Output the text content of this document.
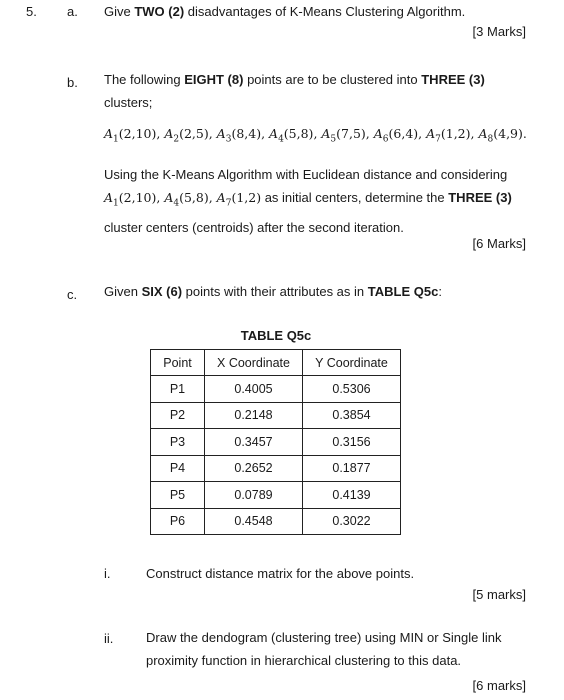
5. a. Give TWO (2) disadvantages of K-Means Clustering Algorithm.
[3 Marks]
b. The following EIGHT (8) points are to be clustered into THREE (3)
clusters;
$A_1(2,10)$, $A_2(2,5)$, $A_3(8,4)$, $A_4(5,8)$, $A_5(7,5)$, $A_6(6,4)$, $A_7(1,2)$, $A_8(4,9)$.
Using the K-Means Algorithm with Euclidean distance and considering
$A_1(2,10)$, $A_4(5,8)$, $A_7(1,2)$ as initial centers, determine the THREE (3)
cluster centers (centroids) after the second iteration.
[6 Marks]
c. Given SIX (6) points with their attributes as in TABLE Q5c:
TABLE Q5c
Point	X Coordinate	Y Coordinate
P1	0.4005	0.5306
P2	0.2148	0.3854
P3	0.3457	0.3156
P4	0.2652	0.1877
P5	0.0789	0.4139
P6	0.4548	0.3022
i.	Construct distance matrix for the above points.
[5 marks]
ii.	Draw the dendogram (clustering tree) using MIN or Single link
proximity function in hierarchical clustering to this data.
[6 marks]
